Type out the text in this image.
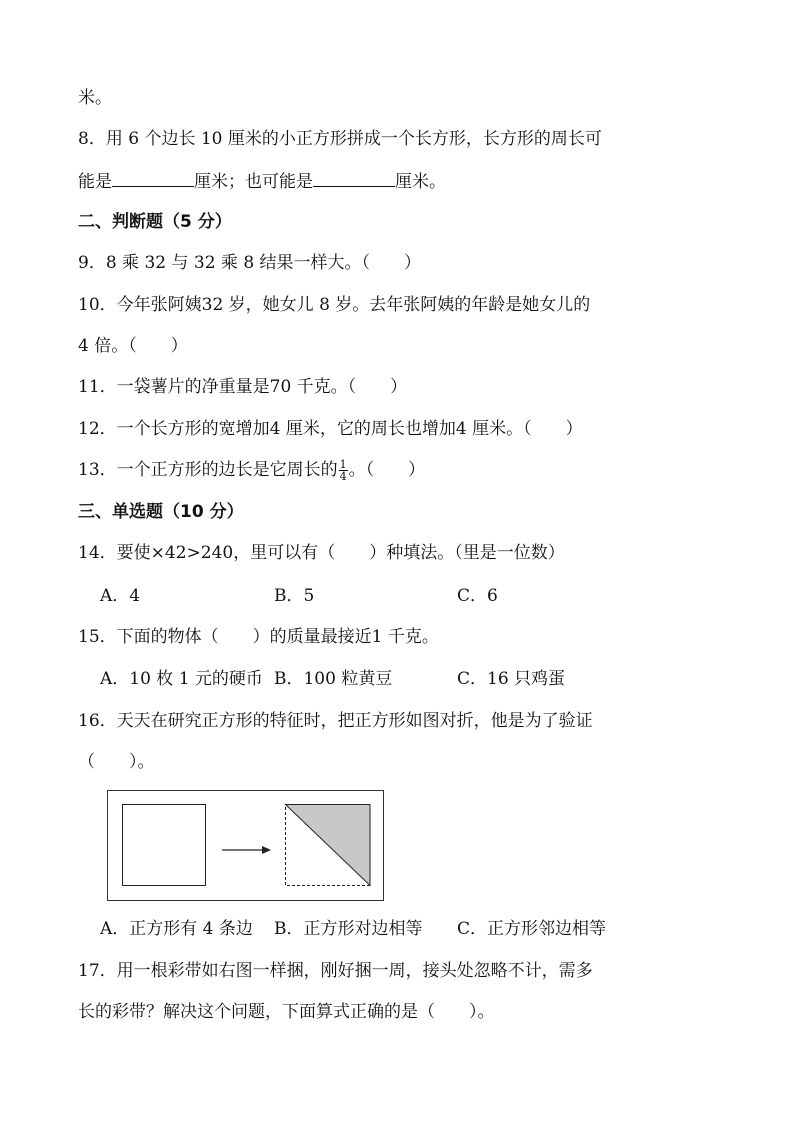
米。
8．用 6 个边长 10 厘米的小正方形拼成一个长方形，长方形的周长可
能是	厘米；也可能是	厘米。
二、判断题（5 分）
9．8 乘 32 与 32 乘 8 结果一样大。（　　）
10．今年张阿姨32 岁，她女儿 8 岁。去年张阿姨的年龄是她女儿的
4 倍。（　　）
11．一袋薯片的净重量是70 千克。（　　）
12．一个长方形的宽增加4 厘米，它的周长也增加4 厘米。（　　）
13．一个正方形的边长是它周长的 $\frac{1}{4}$ 。（　　）
三、单选题（10 分）
14．要使×42>240，里可以有（　　）种填法。（里是一位数）
A．4	B．5	C．6
15．下面的物体（　　）的质量最接近1 千克。
A．10 枚 1 元的硬币 B．100 粒黄豆	C．16 只鸡蛋
16．天天在研究正方形的特征时，把正方形如图对折，他是为了验证
（　　）。
A．正方形有 4 条边 B．正方形对边相等 C．正方形邻边相等
17．用一根彩带如右图一样捆，刚好捆一周，接头处忽略不计，需多
长的彩带？解决这个问题，下面算式正确的是（　　）。
